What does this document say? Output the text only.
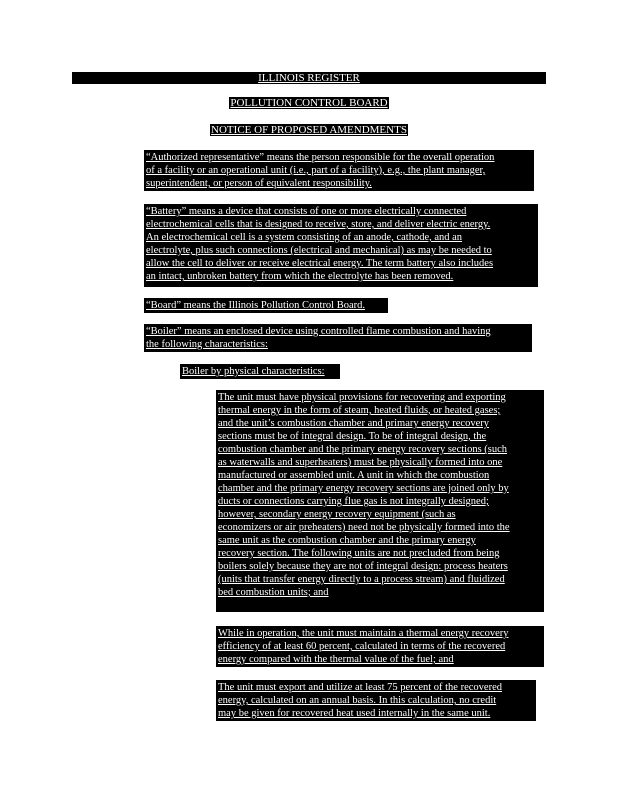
ILLINOIS REGISTER
POLLUTION CONTROL BOARD
NOTICE OF PROPOSED AMENDMENTS
“Authorized representative” means the person responsible for the overall operation
of a facility or an operational unit (i.e., part of a facility), e.g., the plant manager,
superintendent, or person of equivalent responsibility.
“Battery” means a device that consists of one or more electrically connected
electrochemical cells that is designed to receive, store, and deliver electric energy.
An electrochemical cell is a system consisting of an anode, cathode, and an
electrolyte, plus such connections (electrical and mechanical) as may be needed to
allow the cell to deliver or receive electrical energy. The term battery also includes
an intact, unbroken battery from which the electrolyte has been removed.
“Board” means the Illinois Pollution Control Board.
“Boiler” means an enclosed device using controlled flame combustion and having
the following characteristics:
Boiler by physical characteristics:
The unit must have physical provisions for recovering and exporting
thermal energy in the form of steam, heated fluids, or heated gases;
and the unit’s combustion chamber and primary energy recovery
sections must be of integral design. To be of integral design, the
combustion chamber and the primary energy recovery sections (such
as waterwalls and superheaters) must be physically formed into one
manufactured or assembled unit. A unit in which the combustion
chamber and the primary energy recovery sections are joined only by
ducts or connections carrying flue gas is not integrally designed;
however, secondary energy recovery equipment (such as
economizers or air preheaters) need not be physically formed into the
same unit as the combustion chamber and the primary energy
recovery section. The following units are not precluded from being
boilers solely because they are not of integral design: process heaters
(units that transfer energy directly to a process stream) and fluidized
bed combustion units; and
While in operation, the unit must maintain a thermal energy recovery
efficiency of at least 60 percent, calculated in terms of the recovered
energy compared with the thermal value of the fuel; and
The unit must export and utilize at least 75 percent of the recovered
energy, calculated on an annual basis. In this calculation, no credit
may be given for recovered heat used internally in the same unit.
